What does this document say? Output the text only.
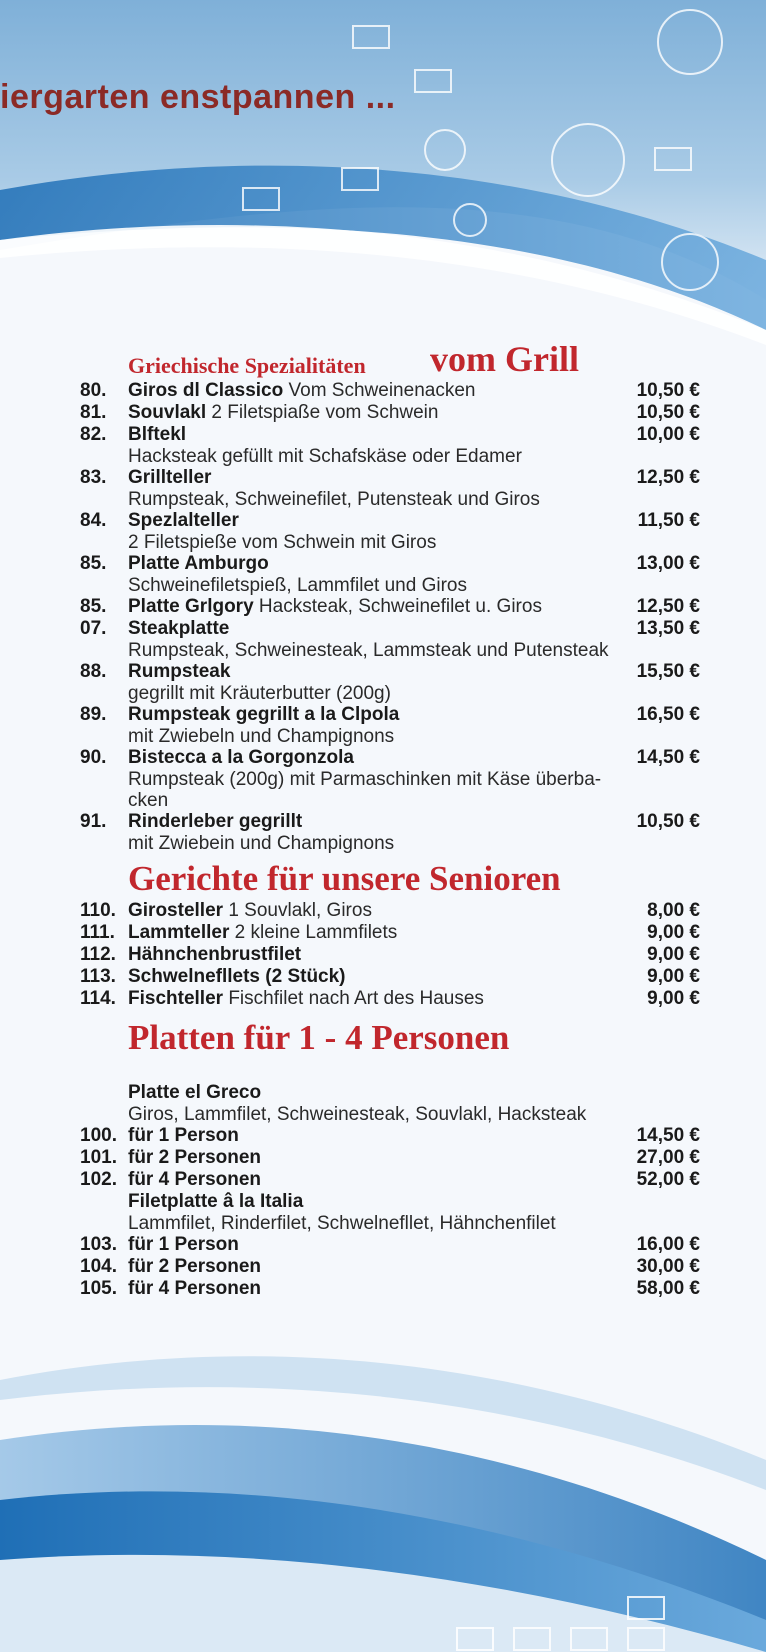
iergarten enstpannen ...
Griechische Spezialitäten vom Grill
80.	Giros dl Classico Vom Schweinenacken	10,50 €
81.	Souvlakl 2 Filetspiaße vom Schwein	10,50 €
82.	Blftekl	10,00 €
Hacksteak gefüllt mit Schafskäse oder Edamer
83.	Grillteller	12,50 €
Rumpsteak, Schweinefilet, Putensteak und Giros
84.	Spezlalteller	11,50 €
2 Filetspieße vom Schwein mit Giros
85.	Platte Amburgo	13,00 €
Schweinefiletspieß, Lammfilet und Giros
85.	Platte Grlgory Hacksteak, Schweinefilet u. Giros	12,50 €
07.	Steakplatte	13,50 €
Rumpsteak, Schweinesteak, Lammsteak und Putensteak
88.	Rumpsteak	15,50 €
gegrillt mit Kräuterbutter (200g)
89.	Rumpsteak gegrillt a la Clpola	16,50 €
mit Zwiebeln und Champignons
90.	Bistecca a la Gorgonzola	14,50 €
Rumpsteak (200g) mit Parmaschinken mit Käse überba-
cken
91.	Rinderleber gegrillt	10,50 €
mit Zwiebein und Champignons
Gerichte für unsere Senioren
110. Girosteller 1 Souvlakl, Giros	8,00 €
111. Lammteller 2 kleine Lammfilets	9,00 €
112. Hähnchenbrustfilet	9,00 €
113. Schwelnefllets (2 Stück)	9,00 €
114. Fischteller Fischfilet nach Art des Hauses	9,00 €
Platten für 1 - 4 Personen
Platte el Greco
Giros, Lammfilet, Schweinesteak, Souvlakl, Hacksteak
100. für 1 Person	14,50 €
101. für 2 Personen	27,00 €
102. für 4 Personen	52,00 €
Filetplatte â la Italia
Lammfilet, Rinderfilet, Schwelnefllet, Hähnchenfilet
103. für 1 Person	16,00 €
104. für 2 Personen	30,00 €
105. für 4 Personen	58,00 €
